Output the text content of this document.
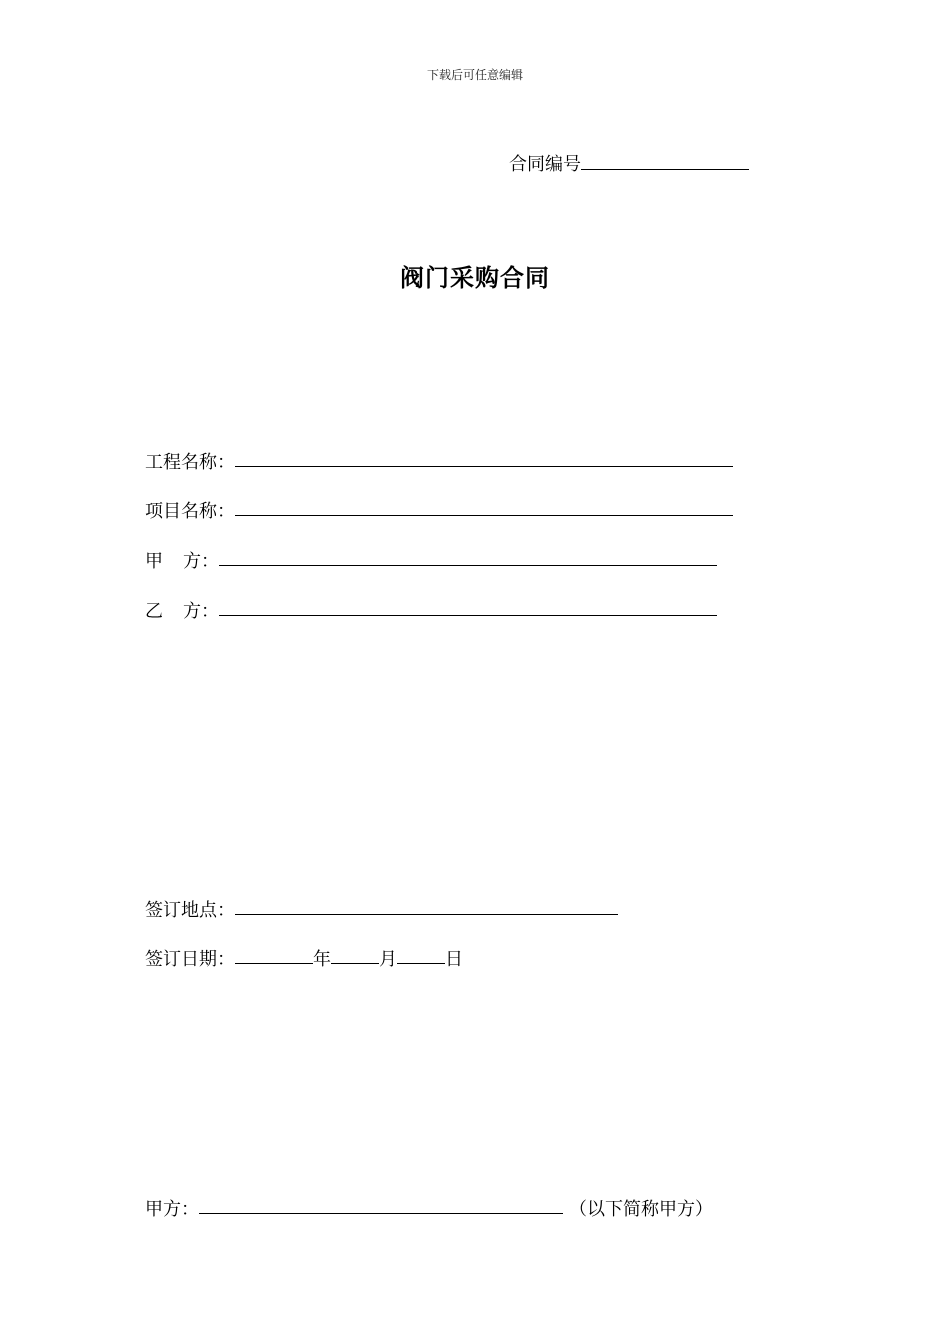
下载后可任意编辑
合同编号
阀门采购合同
工程名称：
项目名称：
甲 方：
乙 方：
签订地点：
签订日期：	年	月	日
甲方：	（以下简称甲方）
